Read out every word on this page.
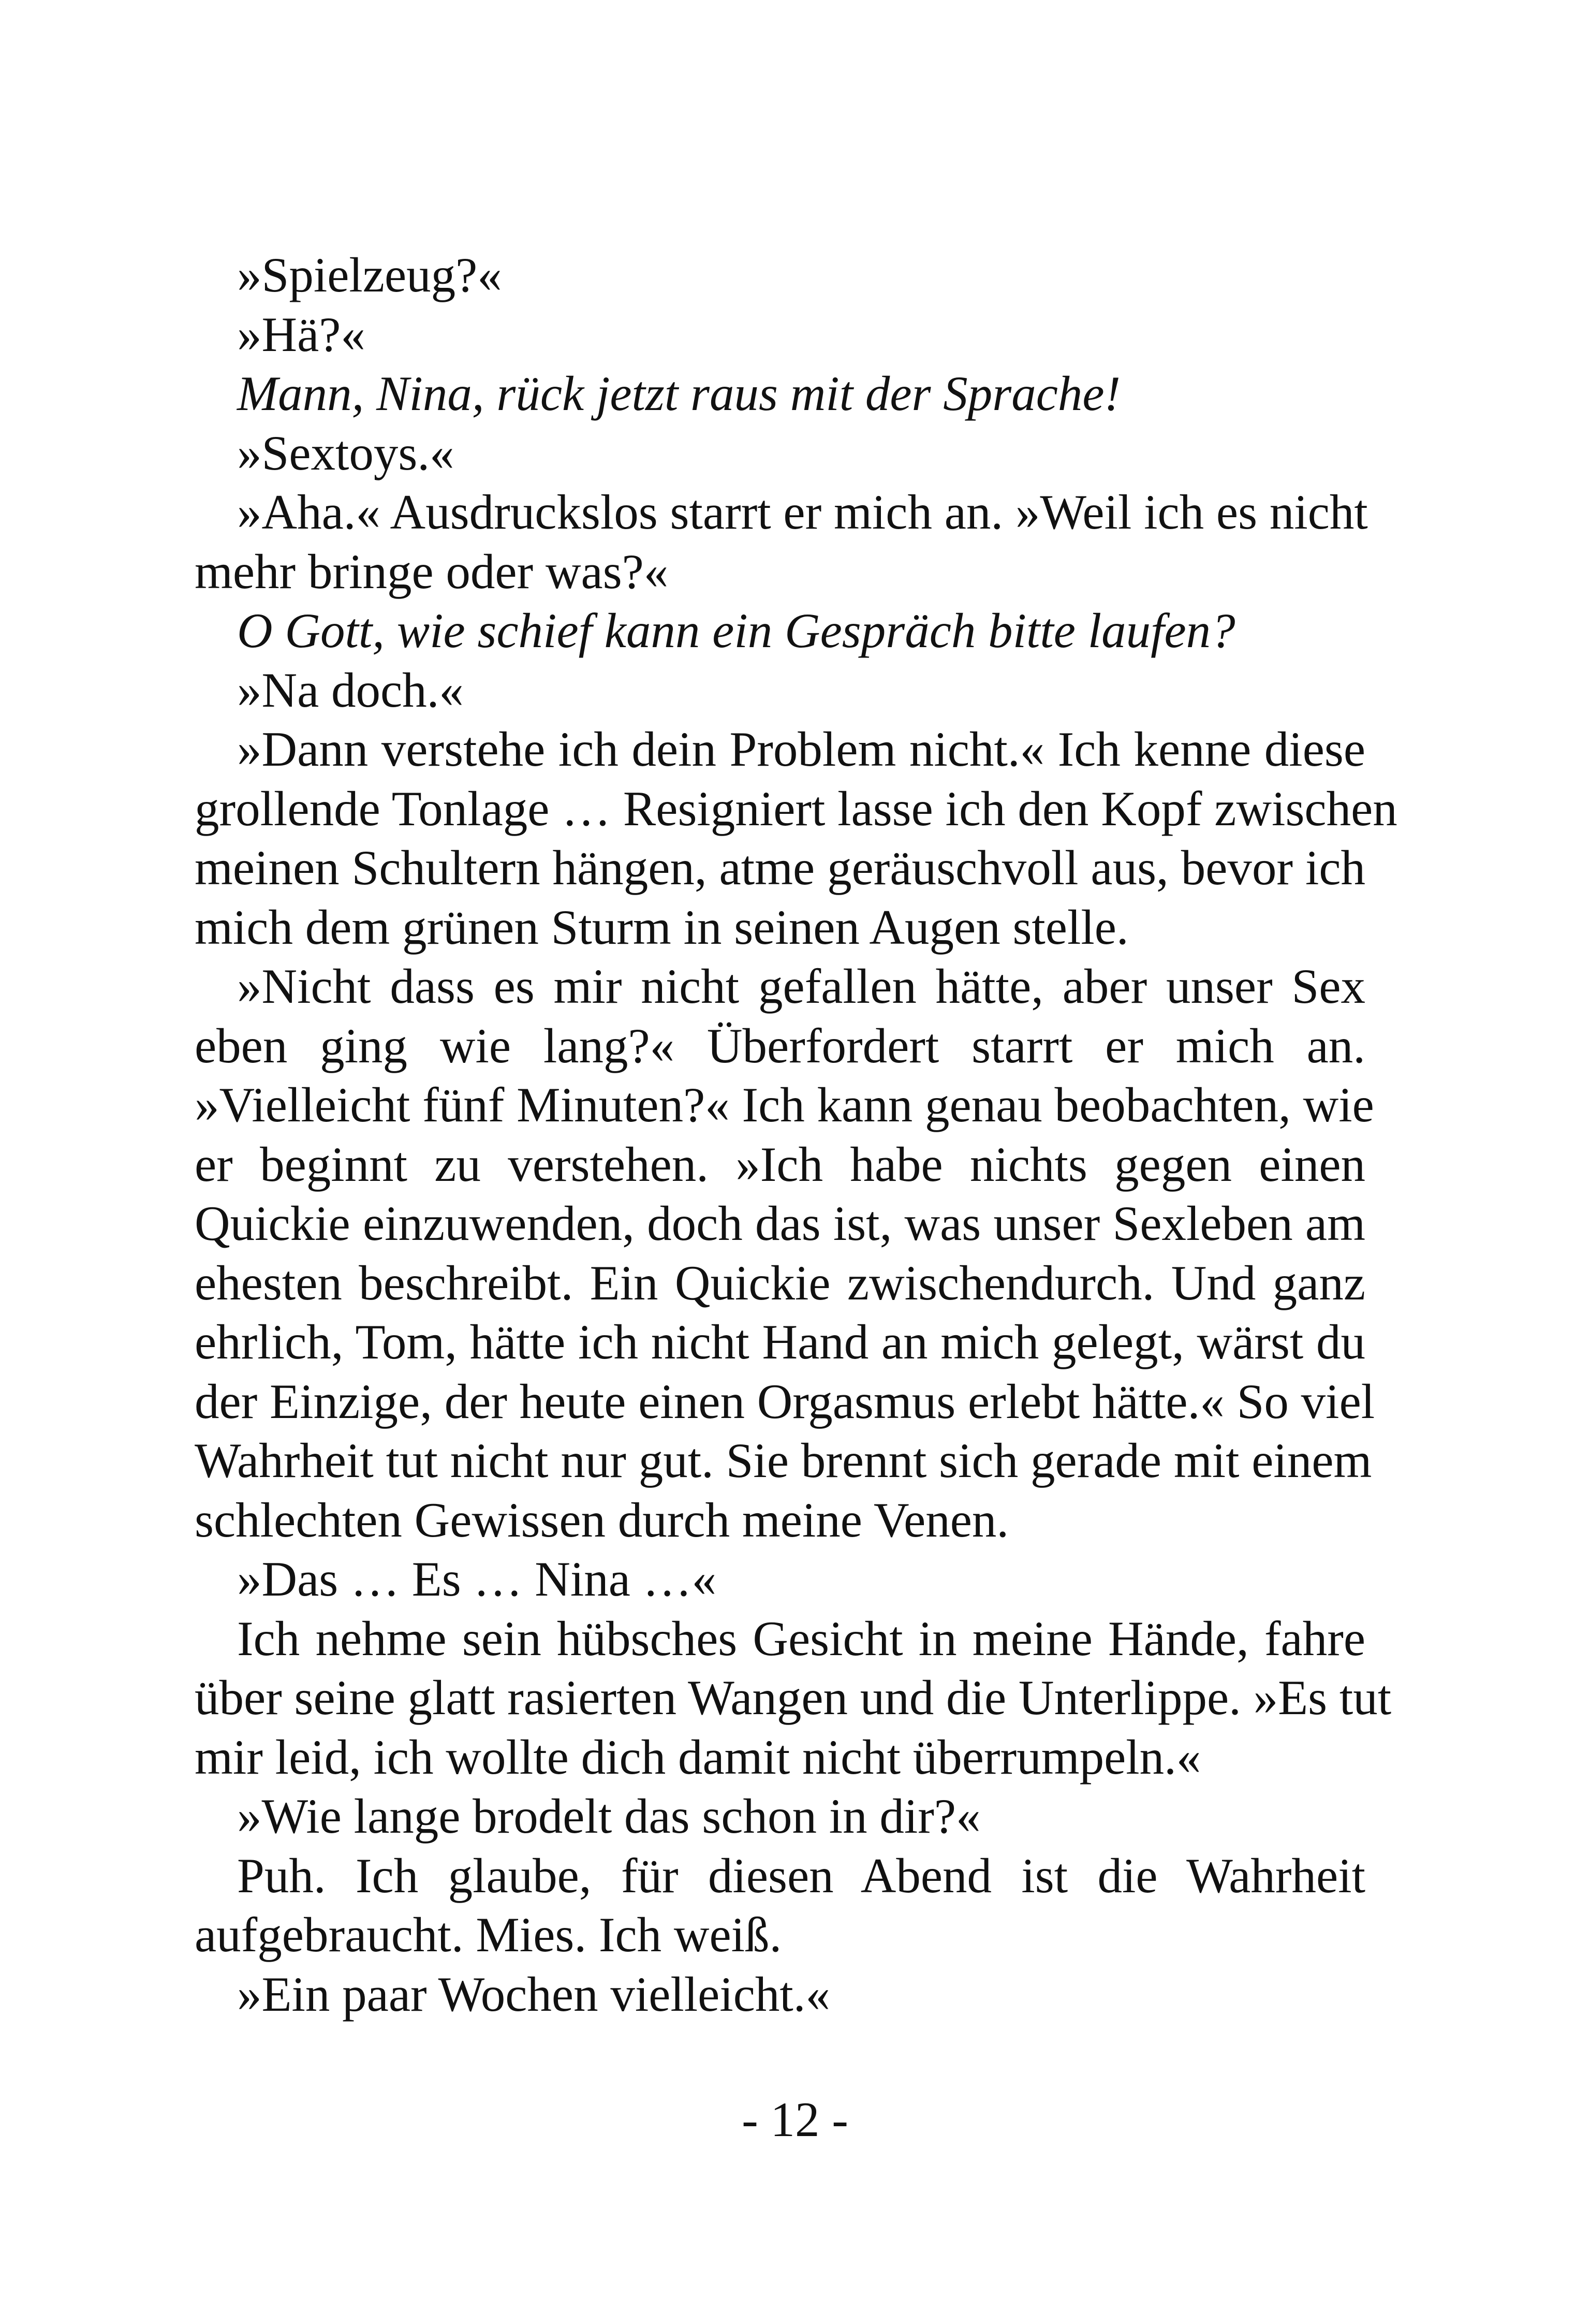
»Spielzeug?«
»Hä?«
Mann, Nina, rück jetzt raus mit der Sprache!
»Sextoys.«
»Aha.« Ausdruckslos starrt er mich an. »Weil ich es nicht
mehr bringe oder was?«
O Gott, wie schief kann ein Gespräch bitte laufen?
»Na doch.«
»Dann verstehe ich dein Problem nicht.« Ich kenne diese
grollende Tonlage … Resigniert lasse ich den Kopf zwischen
meinen Schultern hängen, atme geräuschvoll aus, bevor ich
mich dem grünen Sturm in seinen Augen stelle.
»Nicht dass es mir nicht gefallen hätte, aber unser Sex
eben ging wie lang?« Überfordert starrt er mich an.
»Vielleicht fünf Minuten?« Ich kann genau beobachten, wie
er beginnt zu verstehen. »Ich habe nichts gegen einen
Quickie einzuwenden, doch das ist, was unser Sexleben am
ehesten beschreibt. Ein Quickie zwischendurch. Und ganz
ehrlich, Tom, hätte ich nicht Hand an mich gelegt, wärst du
der Einzige, der heute einen Orgasmus erlebt hätte.« So viel
Wahrheit tut nicht nur gut. Sie brennt sich gerade mit einem
schlechten Gewissen durch meine Venen.
»Das … Es … Nina …«
Ich nehme sein hübsches Gesicht in meine Hände, fahre
über seine glatt rasierten Wangen und die Unterlippe. »Es tut
mir leid, ich wollte dich damit nicht überrumpeln.«
»Wie lange brodelt das schon in dir?«
Puh. Ich glaube, für diesen Abend ist die Wahrheit
aufgebraucht. Mies. Ich weiß.
»Ein paar Wochen vielleicht.«
- 12 -
